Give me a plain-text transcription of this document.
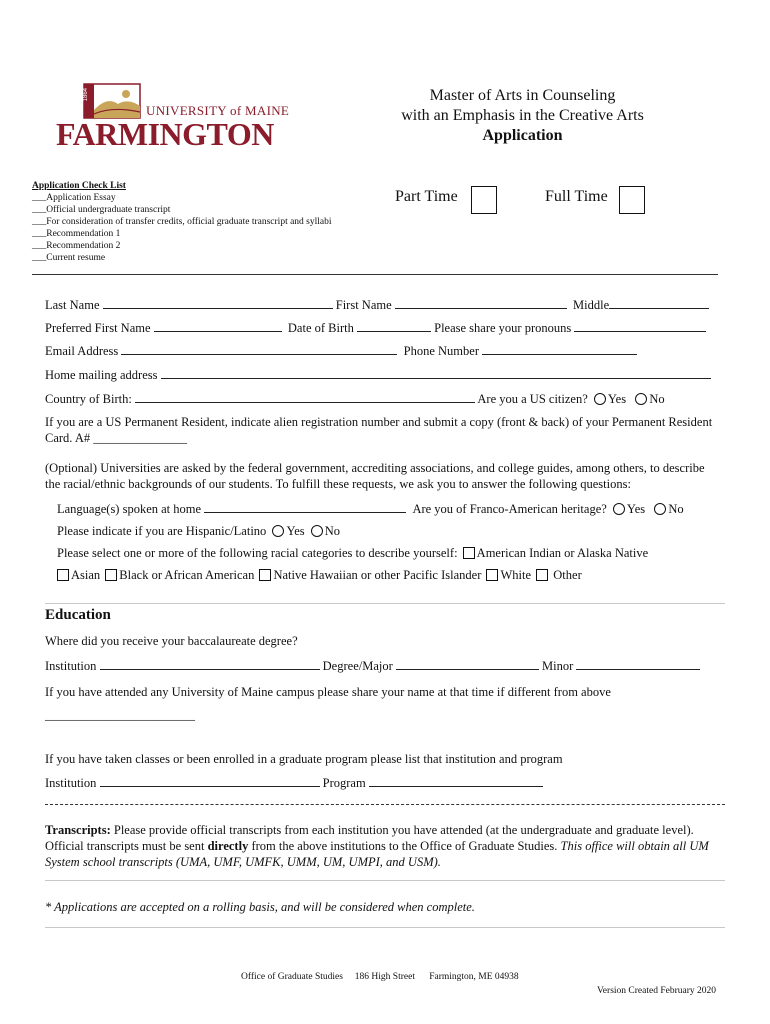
1864
UNIVERSITY of MAINE
FARMINGTON
Master of Arts in Counseling
with an Emphasis in the Creative Arts
Application
Application Check List
___Application Essay
___Official undergraduate transcript
___For consideration of transfer credits, official graduate transcript and syllabi
___Recommendation 1
___Recommendation 2
___Current resume
Part Time	Full Time
Last Name	First Name	Middle
Preferred First Name	Date of Birth	Please share your pronouns
Email Address	Phone Number
Home mailing address
Country of Birth:	Are you a US citizen? Yes No
If you are a US Permanent Resident, indicate alien registration number and submit a copy (front & back) of your Permanent Resident
Card. A# _______________
(Optional) Universities are asked by the federal government, accrediting associations, and college guides, among others, to describe
the racial/ethnic backgrounds of our students. To fulfill these requests, we ask you to answer the following questions:
Language(s) spoken at home	Are you of Franco-American heritage? Yes No
Please indicate if you are Hispanic/Latino Yes No
Please select one or more of the following racial categories to describe yourself: American Indian or Alaska Native
Asian Black or African American Native Hawaiian or other Pacific Islander White Other
Education
Where did you receive your baccalaureate degree?
Institution	Degree/Major	Minor
If you have attended any University of Maine campus please share your name at that time if different from above
________________________
If you have taken classes or been enrolled in a graduate program please list that institution and program
Institution	Program
Transcripts: Please provide official transcripts from each institution you have attended (at the undergraduate and graduate level).
Official transcripts must be sent directly from the above institutions to the Office of Graduate Studies. This office will obtain all UM
System school transcripts (UMA, UMF, UMFK, UMM, UM, UMPI, and USM).
* Applications are accepted on a rolling basis, and will be considered when complete.
Office of Graduate Studies 186 High Street Farmington, ME 04938
Version Created February 2020
